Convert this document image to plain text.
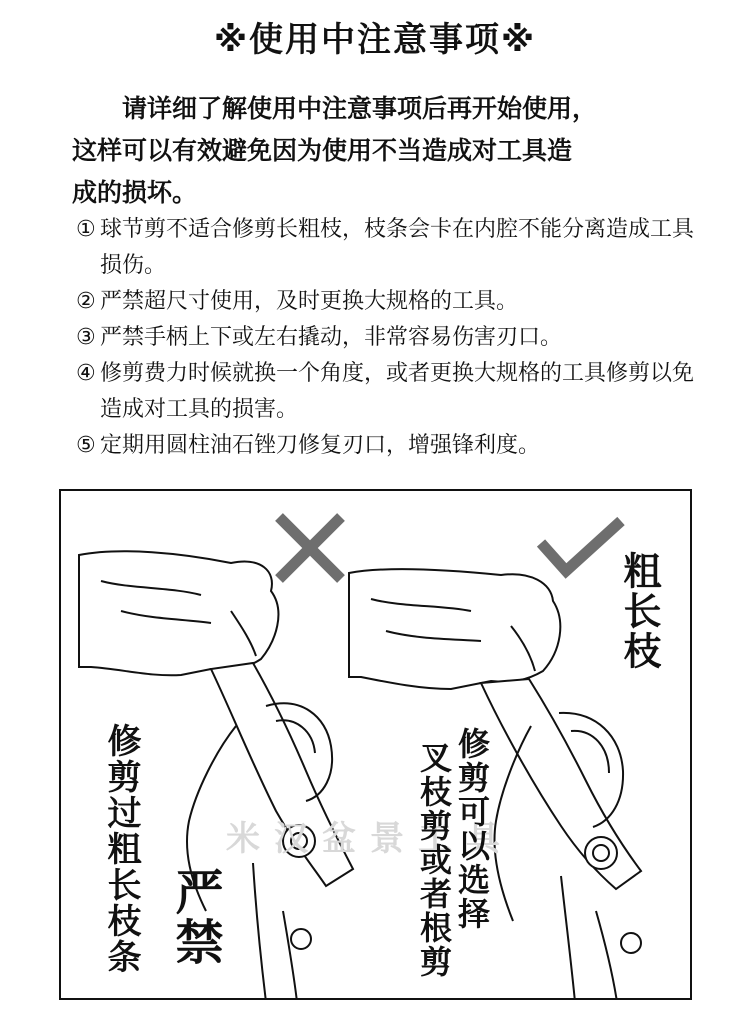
※使用中注意事项※
请详细了解使用中注意事项后再开始使用，
这样可以有效避免因为使用不当造成对工具造
成的损坏。
① 球节剪不适合修剪长粗枝，枝条会卡在内腔不能分离造成工具损伤。
② 严禁超尺寸使用，及时更换大规格的工具。
③ 严禁手柄上下或左右撬动，非常容易伤害刃口。
④ 修剪费力时候就换一个角度，或者更换大规格的工具修剪以免造成对工具的损害。
⑤ 定期用圆柱油石锉刀修复刃口，增强锋利度。
米汉盆景工具
修剪过粗长枝条 严禁
粗长枝
修剪可以选择
叉枝剪或者根剪
